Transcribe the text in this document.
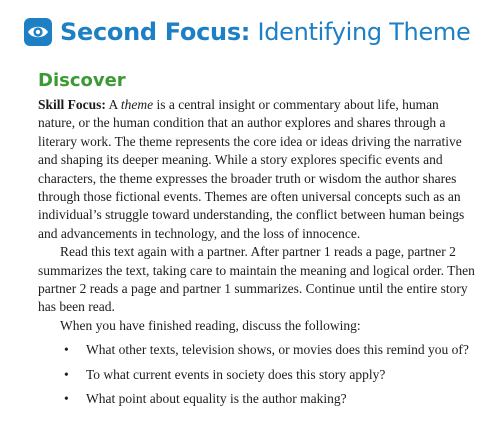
Second Focus: Identifying Theme
Discover

Skill Focus: A theme is a central insight or commentary about life, human nature, or the human condition that an author explores and shares through a literary work. The theme represents the core idea or ideas driving the narrative and shaping its deeper meaning. While a story explores specific events and characters, the theme expresses the broader truth or wisdom the author shares through those fictional events. Themes are often universal concepts such as an individual’s struggle toward understanding, the conflict between human beings and advancements in technology, and the loss of innocence.

Read this text again with a partner. After partner 1 reads a page, partner 2 summarizes the text, taking care to maintain the meaning and logical order. Then partner 2 reads a page and partner 1 summarizes. Continue until the entire story has been read.

When you have finished reading, discuss the following:

• What other texts, television shows, or movies does this remind you of?
• To what current events in society does this story apply?
• What point about equality is the author making?
